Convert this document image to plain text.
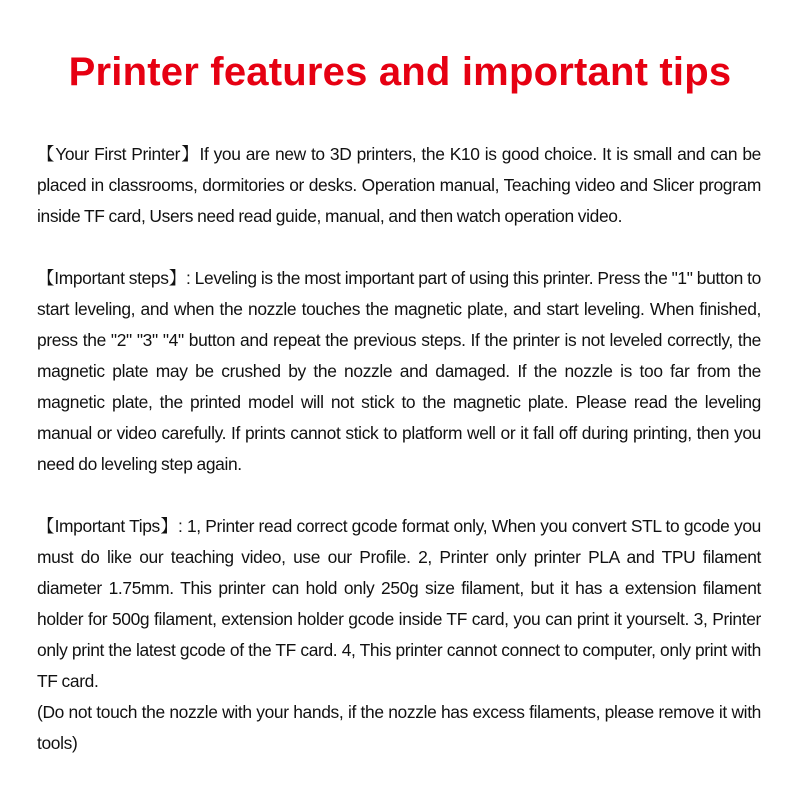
Printer features and important tips

【Your First Printer】If you are new to 3D printers, the K10 is good choice. It is small and can be placed in classrooms, dormitories or desks. Operation manual, Teaching video and Slicer program inside TF card, Users need read guide, manual, and then watch operation video.

【Important steps】: Leveling is the most important part of using this printer. Press the "1" button to start leveling, and when the nozzle touches the magnetic plate, and start leveling. When finished, press the "2" "3" "4" button and repeat the previous steps. If the printer is not leveled correctly, the magnetic plate may be crushed by the nozzle and damaged. If the nozzle is too far from the magnetic plate, the printed model will not stick to the magnetic plate. Please read the leveling manual or video carefully. If prints cannot stick to platform well or it fall off during printing, then you need do leveling step again.

【Important Tips】: 1, Printer read correct gcode format only, When you convert STL to gcode you must do like our teaching video, use our Profile. 2, Printer only printer PLA and TPU filament diameter 1.75mm. This printer can hold only 250g size filament, but it has a extension filament holder for 500g filament, extension holder gcode inside TF card, you can print it yourselt. 3, Printer only print the latest gcode of the TF card. 4, This printer cannot connect to computer, only print with TF card.

(Do not touch the nozzle with your hands, if the nozzle has excess filaments, please remove it with tools)
